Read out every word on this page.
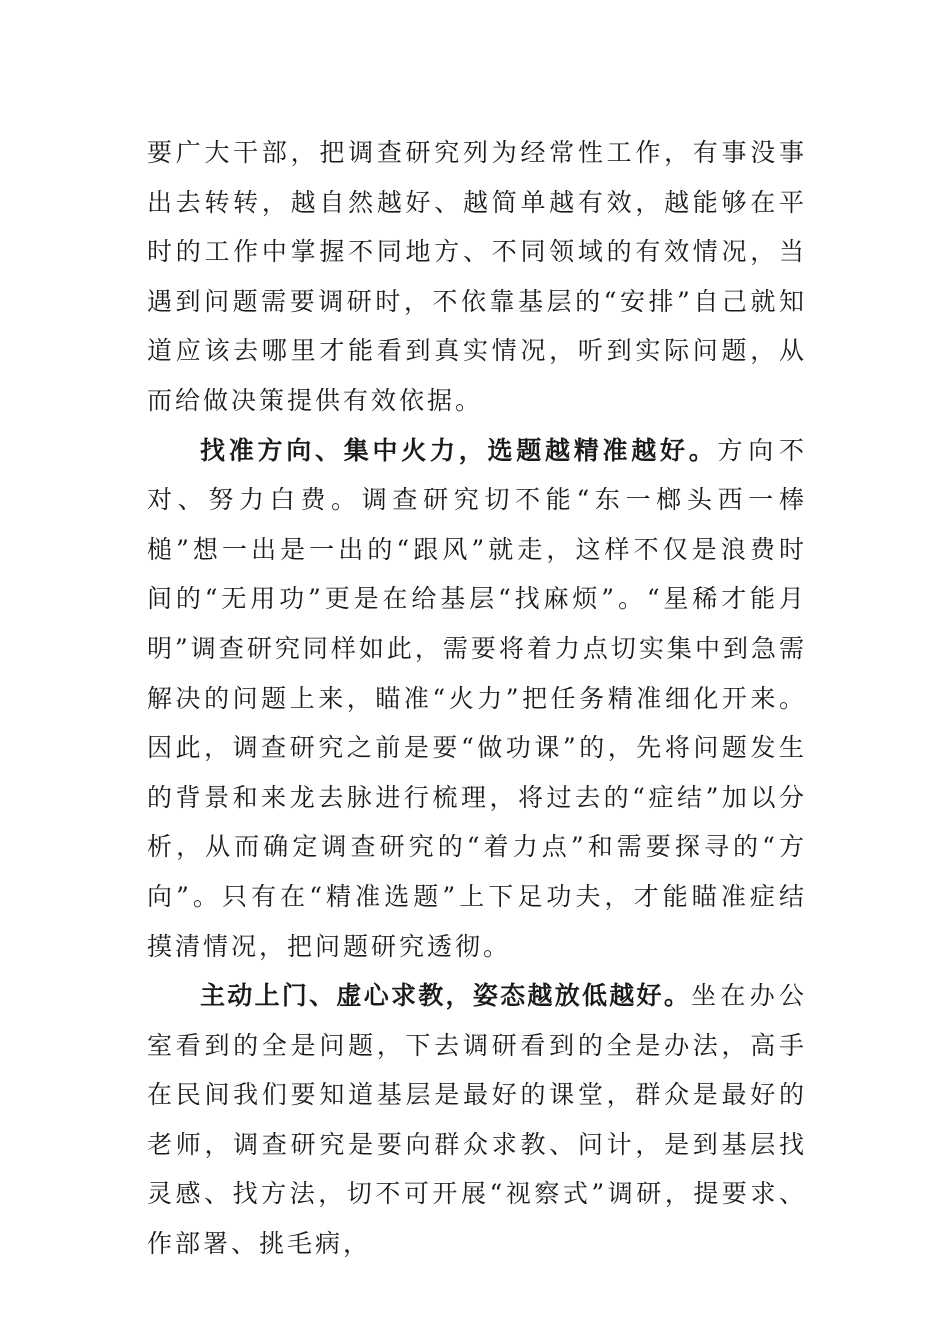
要广大干部，把调查研究列为经常性工作，有事没事出去转转，越自然越好、越简单越有效，越能够在平时的工作中掌握不同地方、不同领域的有效情况，当遇到问题需要调研时，不依靠基层的“安排”自己就知道应该去哪里才能看到真实情况，听到实际问题，从而给做决策提供有效依据。

找准方向、集中火力，选题越精准越好。方向不对、努力白费。调查研究切不能“东一榔头西一棒槌”想一出是一出的“跟风”就走，这样不仅是浪费时间的“无用功”更是在给基层“找麻烦”。“星稀才能月明”调查研究同样如此，需要将着力点切实集中到急需解决的问题上来，瞄准“火力”把任务精准细化开来。因此，调查研究之前是要“做功课”的，先将问题发生的背景和来龙去脉进行梳理，将过去的“症结”加以分析，从而确定调查研究的“着力点”和需要探寻的“方向”。只有在“精准选题”上下足功夫，才能瞄准症结摸清情况，把问题研究透彻。

主动上门、虚心求教，姿态越放低越好。坐在办公室看到的全是问题，下去调研看到的全是办法，高手在民间我们要知道基层是最好的课堂，群众是最好的老师，调查研究是要向群众求教、问计，是到基层找灵感、找方法，切不可开展“视察式”调研，提要求、作部署、挑毛病，
